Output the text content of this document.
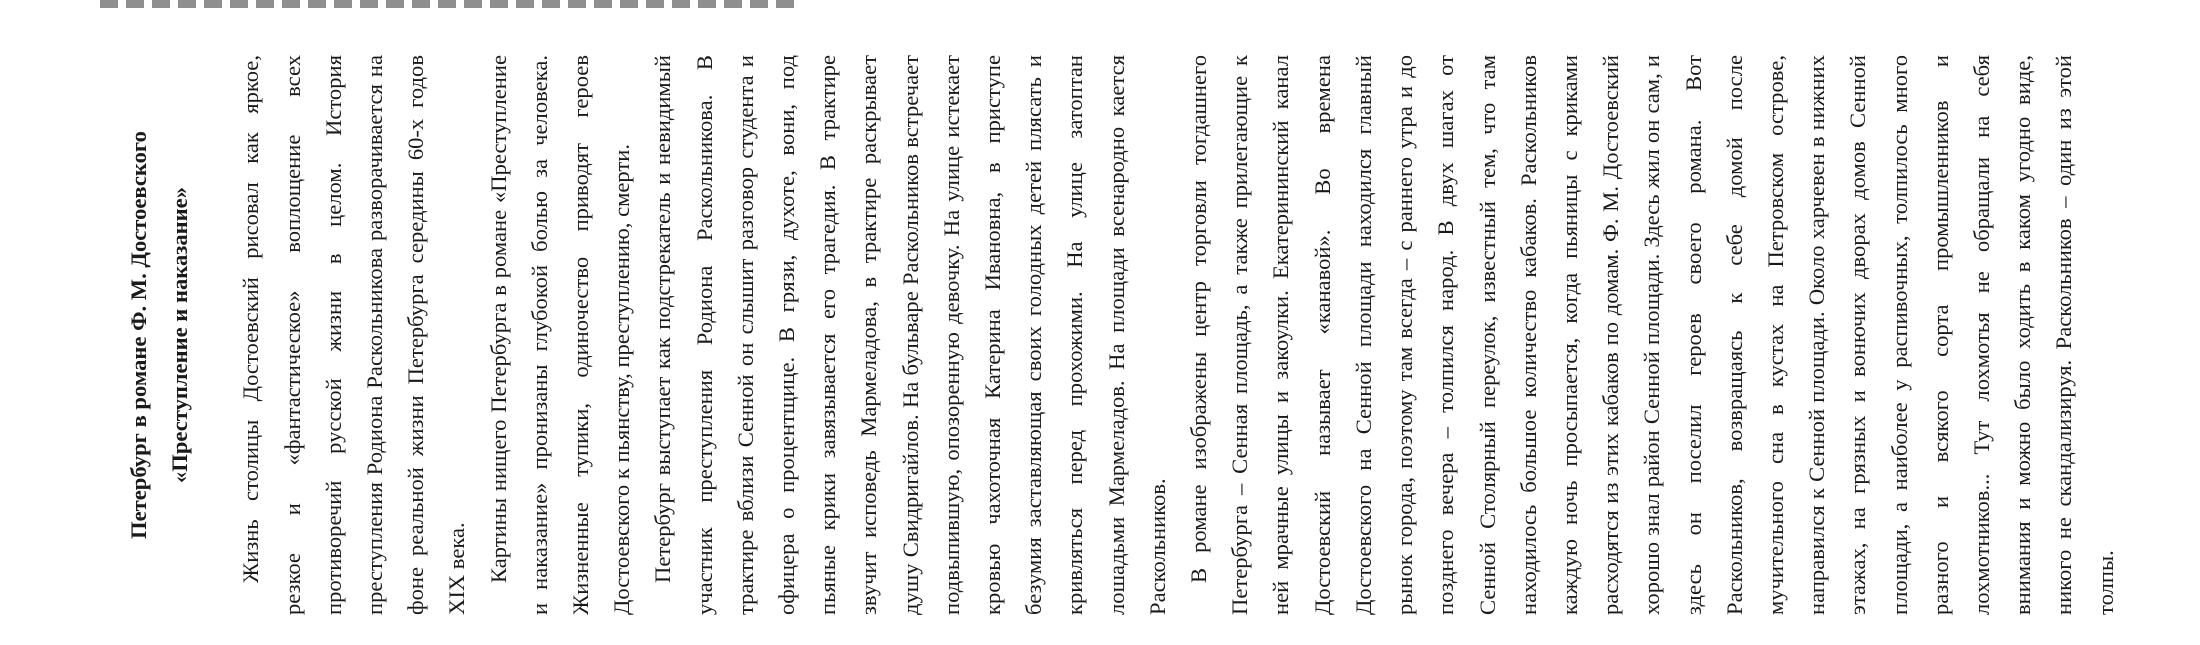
Петербург в романе Ф. М. Достоевского «Преступление и наказание»	Жизнь столицы Достоевский рисовал как яркое, резкое и «фантастическое» воплощение всех противоречий русской жизни в целом. История преступления Родиона Раскольникова разворачивается на фоне реальной жизни Петербурга середины 60-х годов XIX века. Картины нищего Петербурга в романе «Преступление и наказание» пронизаны глубокой болью за человека. Жизненные тупики, одиночество приводят героев Достоевского к пьянству, преступлению, смерти. Петербург выступает как подстрекатель и невидимый участник преступления Родиона Раскольникова. В трактире вблизи Сенной он слышит разговор студента и офицера о процентщице. В грязи, духоте, вони, под пьяные крики завязывается его трагедия. В трактире звучит исповедь Мармеладова, в трактире раскрывает душу Свидригайлов. На бульваре Раскольников встречает подвыпившую, опозоренную девочку. На улице истекает кровью чахоточная Катерина Ивановна, в приступе безумия заставляющая своих голодных детей плясать и кривляться перед прохожими. На улице затоптан лошадьми Мармеладов. На площади всенародно кается Раскольников. В романе изображены центр торговли тогдашнего Петербурга – Сенная площадь, а также прилегающие к ней мрачные улицы и закоулки. Екатерининский канал Достоевский называет «канавой». Во времена Достоевского на Сенной площади находился главный рынок города, поэтому там всегда – с раннего утра и до позднего вечера – толпился народ. В двух шагах от Сенной Столярный переулок, известный тем, что там находилось большое количество кабаков. Раскольников каждую ночь просыпается, когда пьяницы с криками расходятся из этих кабаков по домам. Ф. М. Достоевский хорошо знал район Сенной площади. Здесь жил он сам, и здесь он поселил героев своего романа. Вот Раскольников, возвращаясь к себе домой после мучительного сна в кустах на Петровском острове, направился к Сенной площади. Около харчевен в нижних этажах, на грязных и вонючих дворах домов Сенной площади, а наиболее у распивочных, толпилось много разного и всякого сорта промышленников и лохмотников... Тут лохмотья не обращали на себя внимания и можно было ходить в каком угодно виде, никого не скандализируя. Раскольников – один из этой толпы.
